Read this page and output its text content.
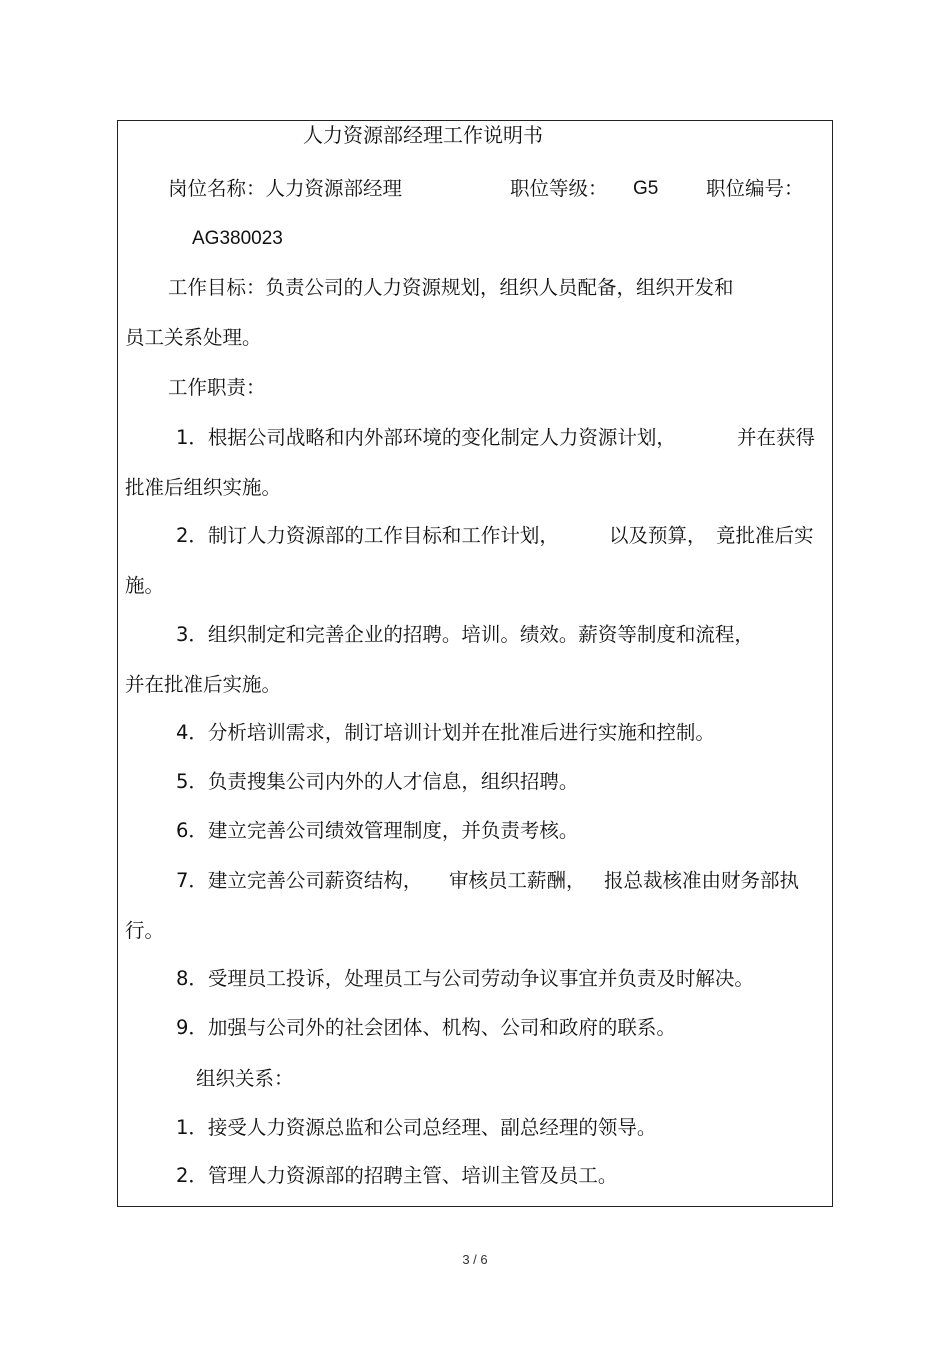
人力资源部经理工作说明书
岗位名称：人力资源部经理	职位等级： G5 职位编号：
AG380023
工作目标：负责公司的人力资源规划，组织人员配备，组织开发和
员工关系处理。
工作职责：
1．根据公司战略和内外部环境的变化制定人力资源计划，	并在获得
批准后组织实施。
2．制订人力资源部的工作目标和工作计划，	以及预算， 竟批准后实
施。
3．组织制定和完善企业的招聘。培训。绩效。薪资等制度和流程，
并在批准后实施。
4．分析培训需求，制订培训计划并在批准后进行实施和控制。
5．负责搜集公司内外的人才信息，组织招聘。
6．建立完善公司绩效管理制度，并负责考核。
7．建立完善公司薪资结构， 审核员工薪酬， 报总裁核准由财务部执
行。
8．受理员工投诉，处理员工与公司劳动争议事宜并负责及时解决。
9．加强与公司外的社会团体、机构、公司和政府的联系。
组织关系：
1．接受人力资源总监和公司总经理、副总经理的领导。
2．管理人力资源部的招聘主管、培训主管及员工。
3 / 6
